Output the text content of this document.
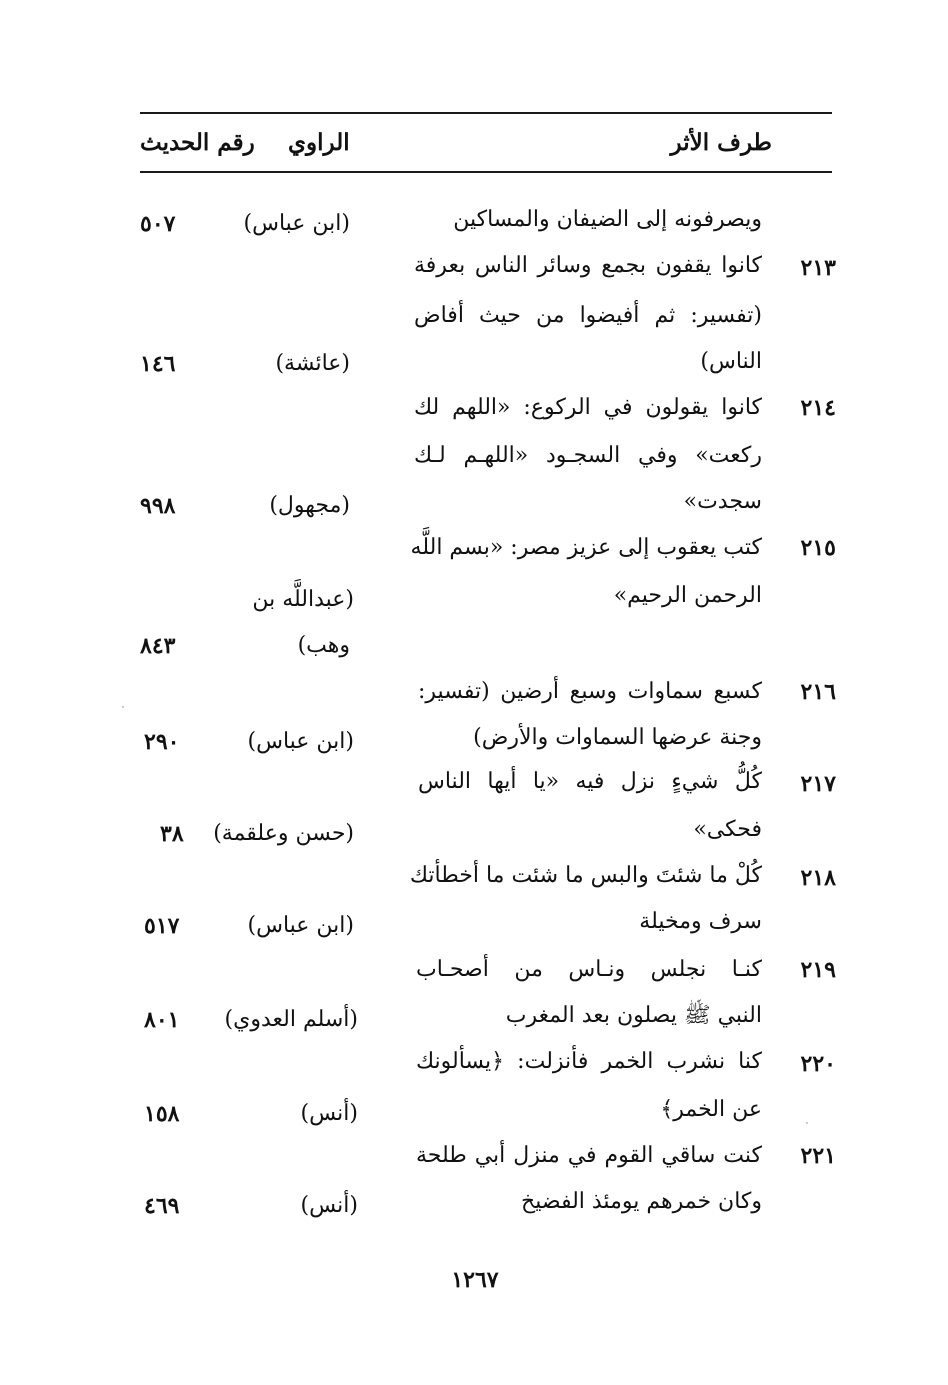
طرف الأثر
الراوي
رقم الحديث
ويصرفونه إلى الضيفان والمساكين
(ابن عباس)
٥٠٧
٢١٣
كانوا يقفون بجمع وسائر الناس بعرفة
(تفسير: ثم أفيضوا من حيث أفاض
الناس)
(عائشة)
١٤٦
٢١٤
كانوا يقولون في الركوع: «اللهم لك
ركعت» وفي السجـود «اللهـم لـك
سجدت»
(مجهول)
٩٩٨
٢١٥
كتب يعقوب إلى عزيز مصر: «بسم اللَّه
الرحمن الرحيم»
(عبداللَّه بن
وهب)
٨٤٣
٢١٦
كسبع سماوات وسبع أرضين (تفسير:
وجنة عرضها السماوات والأرض)
(ابن عباس)
٢٩٠
٢١٧
كُلُّ شيءٍ نزل فيه «يا أيها الناس
فحكى»
(حسن وعلقمة)
٣٨
٢١٨
كُلْ ما شئتَ والبس ما شئت ما أخطأتك
سرف ومخيلة
(ابن عباس)
٥١٧
٢١٩
كنـا نجلس ونـاس من أصحـاب
النبي ﷺ يصلون بعد المغرب
(أسلم العدوي)
٨٠١
٢٢٠
كنا نشرب الخمر فأنزلت: ﴿يسألونك
عن الخمر﴾
(أنس)
١٥٨
٢٢١
كنت ساقي القوم في منزل أبي طلحة
وكان خمرهم يومئذ الفضيخ
(أنس)
٤٦٩
١٢٦٧
